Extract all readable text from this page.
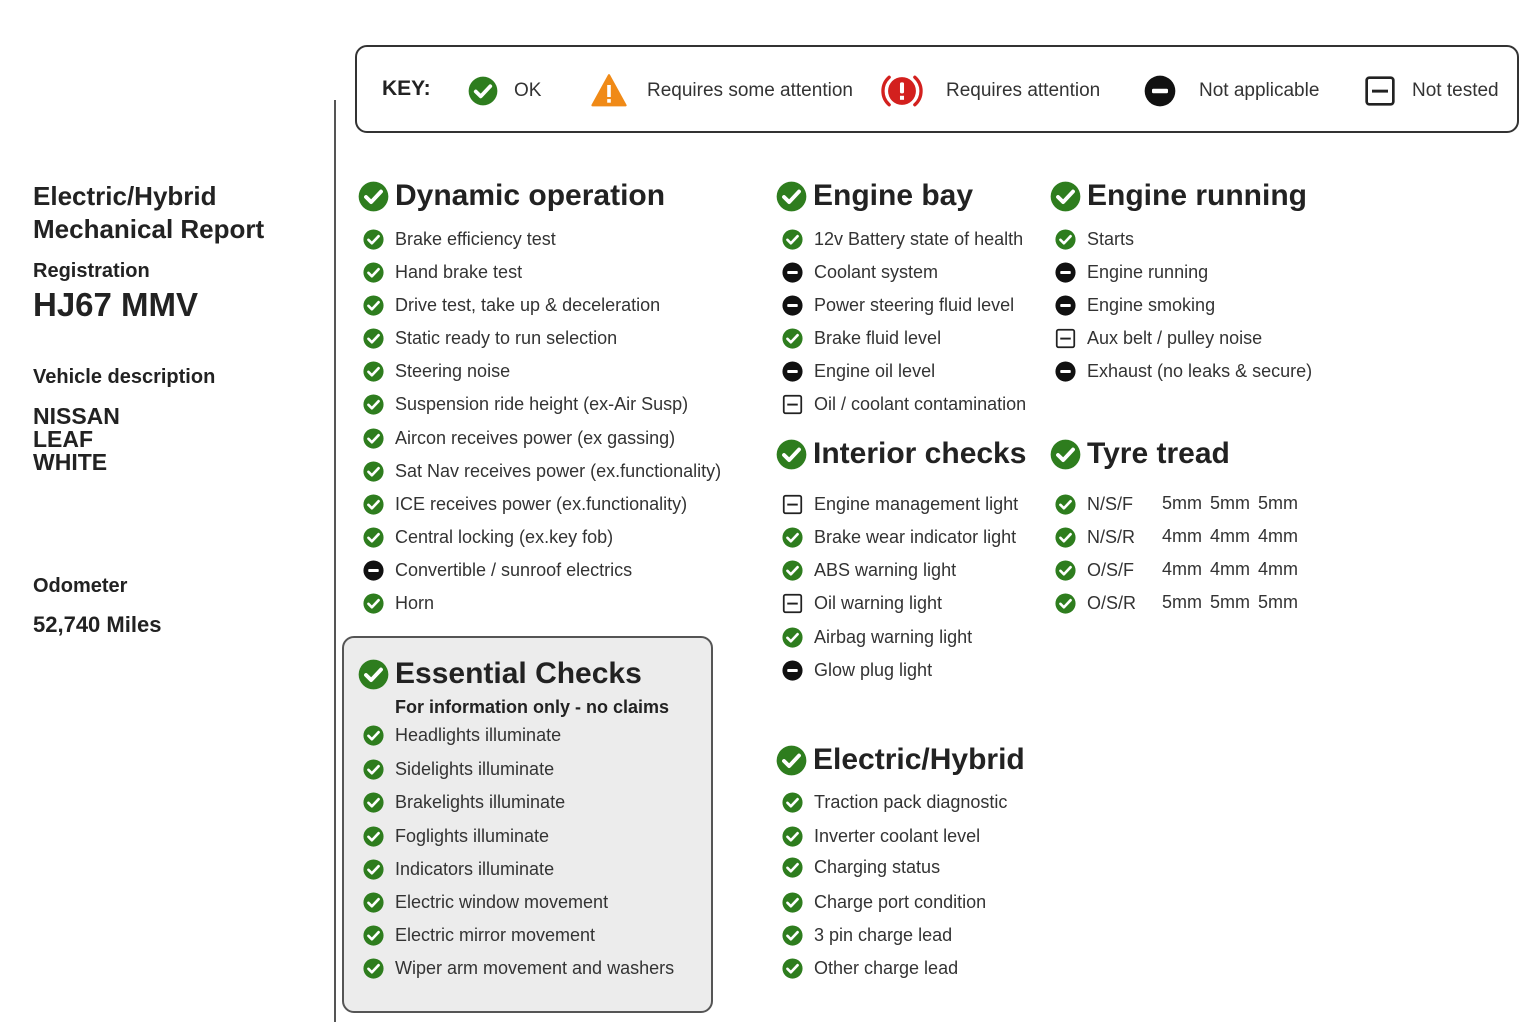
Electric/Hybrid
Mechanical Report
Registration
HJ67 MMV
Vehicle description
NISSAN
LEAF
WHITE
Odometer
52,740 Miles
KEY:	OK	Requires some attention	Requires attention	Not applicable	Not tested
Dynamic operation
Brake efficiency test
Hand brake test
Drive test, take up & deceleration
Static ready to run selection
Steering noise
Suspension ride height (ex-Air Susp)
Aircon receives power (ex gassing)
Sat Nav receives power (ex.functionality)
ICE receives power (ex.functionality)
Central locking (ex.key fob)
Convertible / sunroof electrics
Horn
Essential Checks
For information only - no claims
Headlights illuminate
Sidelights illuminate
Brakelights illuminate
Foglights illuminate
Indicators illuminate
Electric window movement
Electric mirror movement
Wiper arm movement and washers
Engine bay
12v Battery state of health
Coolant system
Power steering fluid level
Brake fluid level
Engine oil level
Oil / coolant contamination
Interior checks
Engine management light
Brake wear indicator light
ABS warning light
Oil warning light
Airbag warning light
Glow plug light
Electric/Hybrid
Traction pack diagnostic
Inverter coolant level
Charging status
Charge port condition
3 pin charge lead
Other charge lead
Engine running
Starts
Engine running
Engine smoking
Aux belt / pulley noise
Exhaust (no leaks & secure)
Tyre tread
N/S/F 5mm 5mm 5mm
N/S/R 4mm 4mm 4mm
O/S/F 4mm 4mm 4mm
O/S/R 5mm 5mm 5mm
